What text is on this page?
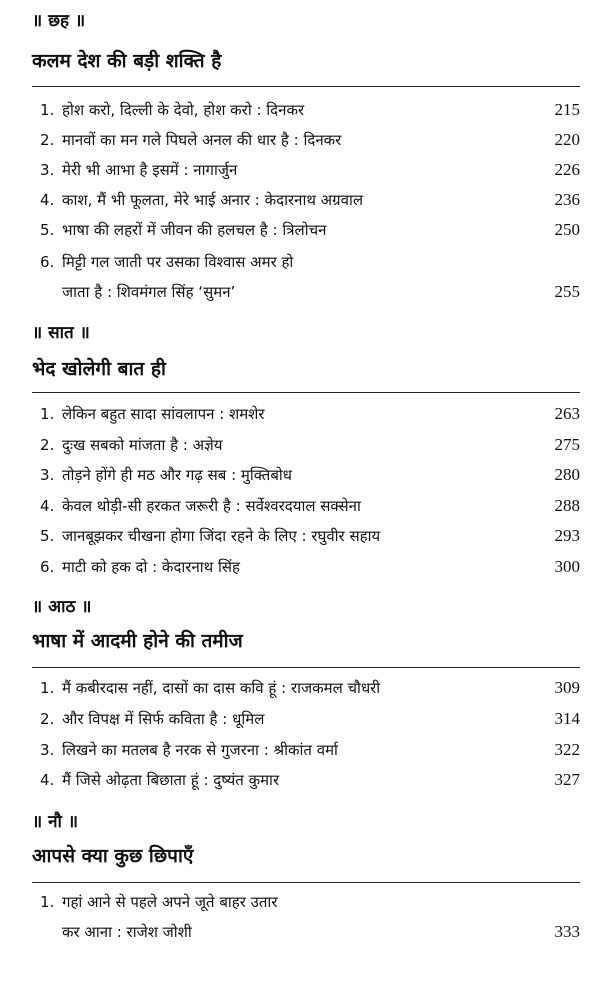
॥ छह ॥
कलम देश की बड़ी शक्ति है
1. होश करो, दिल्ली के देवो, होश करो : दिनकर	215
2. मानवों का मन गले पिघले अनल की धार है : दिनकर	220
3. मेरी भी आभा है इसमें : नागार्जुन	226
4. काश, मैं भी फूलता, मेरे भाई अनार : केदारनाथ अग्रवाल	236
5. भाषा की लहरों में जीवन की हलचल है : त्रिलोचन	250
6. मिट्टी गल जाती पर उसका विश्वास अमर हो
जाता है : शिवमंगल सिंह ‘सुमन’	255
॥ सात ॥
भेद खोलेगी बात ही
1. लेकिन बहुत सादा सांवलापन : शमशेर	263
2. दुःख सबको मांजता है : अज्ञेय	275
3. तोड़ने होंगे ही मठ और गढ़ सब : मुक्तिबोध	280
4. केवल थोड़ी-सी हरकत जरूरी है : सर्वेश्वरदयाल सक्सेना	288
5. जानबूझकर चीखना होगा जिंदा रहने के लिए : रघुवीर सहाय	293
6. माटी को हक दो : केदारनाथ सिंह	300
॥ आठ ॥
भाषा में आदमी होने की तमीज
1. मैं कबीरदास नहीं, दासों का दास कवि हूं : राजकमल चौधरी	309
2. और विपक्ष में सिर्फ कविता है : धूमिल	314
3. लिखने का मतलब है नरक से गुजरना : श्रीकांत वर्मा	322
4. मैं जिसे ओढ़ता बिछाता हूं : दुष्यंत कुमार	327
॥ नौ ॥
आपसे क्या कुछ छिपाएँ
1. गहां आने से पहले अपने जूते बाहर उतार
कर आना : राजेश जोशी	333
